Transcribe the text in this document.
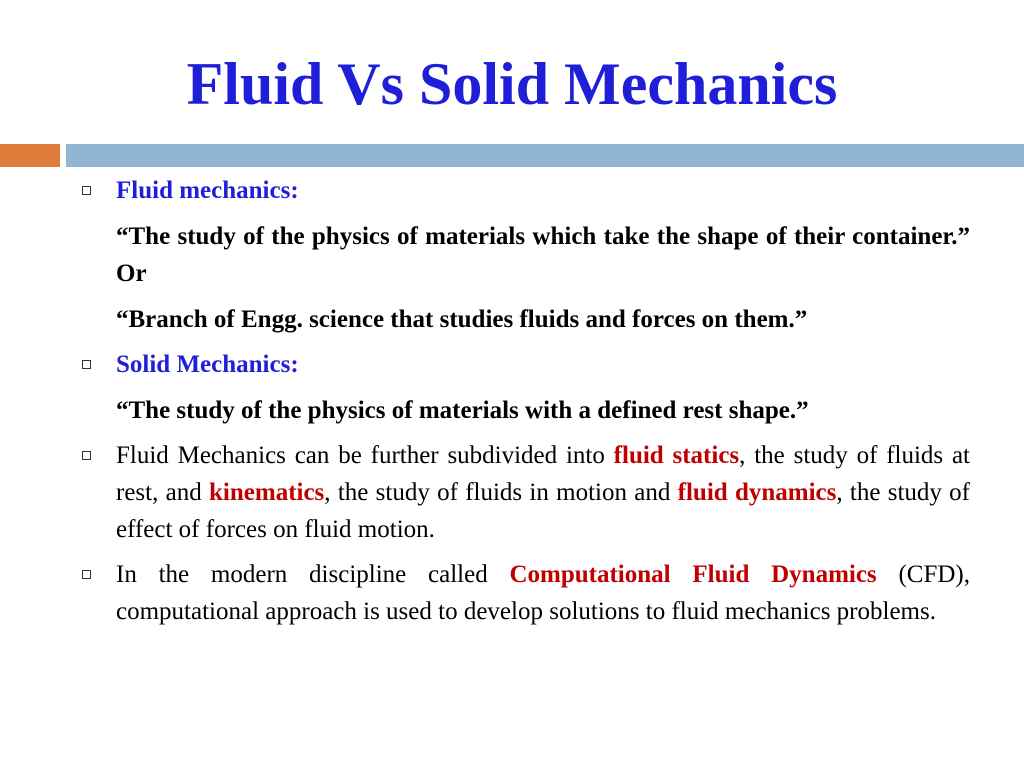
Fluid Vs Solid Mechanics
Fluid mechanics:
“The study of the physics of materials which take the shape of their container.” Or
“Branch of Engg. science that studies fluids and forces on them.”
Solid Mechanics:
“The study of the physics of materials with a defined rest shape.”
Fluid Mechanics can be further subdivided into fluid statics, the study of fluids at rest, and kinematics, the study of fluids in motion and fluid dynamics, the study of effect of forces on fluid motion.
In the modern discipline called Computational Fluid Dynamics (CFD), computational approach is used to develop solutions to fluid mechanics problems.
